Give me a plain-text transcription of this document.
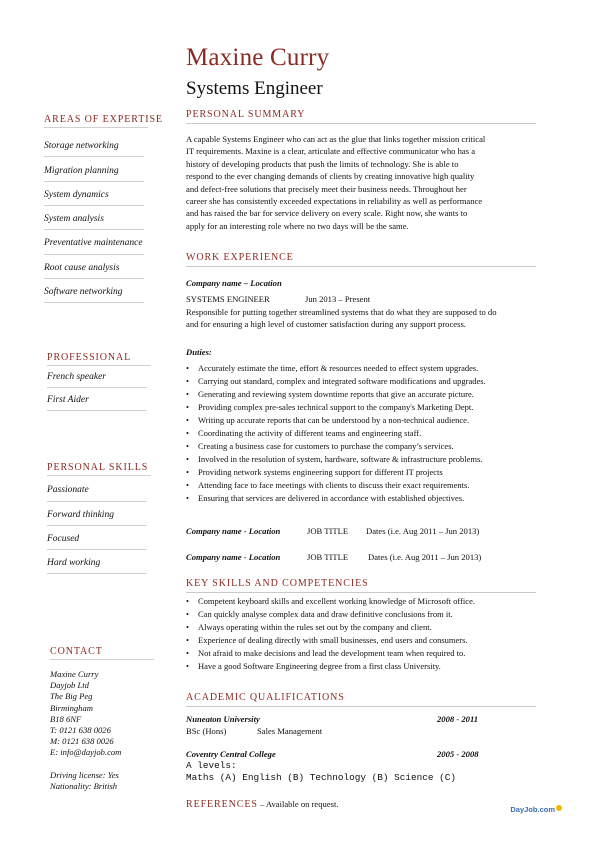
Maxine Curry
Systems Engineer
AREAS OF EXPERTISE
Storage networking
Migration planning
System dynamics
System analysis
Preventative maintenance
Root cause analysis
Software networking
PROFESSIONAL
French speaker
First Aider
PERSONAL SKILLS
Passionate
Forward thinking
Focused
Hard working
CONTACT
Maxine Curry
Dayjob Ltd
The Big Peg
Birmingham
B18 6NF
T: 0121 638 0026
M: 0121 638 0026
E: info@dayjob.com
Driving license: Yes
Nationality: British
PERSONAL SUMMARY
A capable Systems Engineer who can act as the glue that links together mission critical
IT requirements. Maxine is a clear, articulate and effective communicator who has a
history of developing products that push the limits of technology. She is able to
respond to the ever changing demands of clients by creating innovative high quality
and defect-free solutions that precisely meet their business needs. Throughout her
career she has consistently exceeded expectations in reliability as well as performance
and has raised the bar for service delivery on every scale. Right now, she wants to
apply for an interesting role where no two days will be the same.
WORK EXPERIENCE
Company name – Location
SYSTEMS ENGINEER	Jun 2013 – Present
Responsible for putting together streamlined systems that do what they are supposed to do
and for ensuring a high level of customer satisfaction during any support process.
Duties:
• Accurately estimate the time, effort & resources needed to effect system upgrades.
• Carrying out standard, complex and integrated software modifications and upgrades.
• Generating and reviewing system downtime reports that give an accurate picture.
• Providing complex pre-sales technical support to the company's Marketing Dept.
• Writing up accurate reports that can be understood by a non-technical audience.
• Coordinating the activity of different teams and engineering staff.
• Creating a business case for customers to purchase the company’s services.
• Involved in the resolution of system, hardware, software & infrastructure problems.
• Providing network systems engineering support for different IT projects
• Attending face to face meetings with clients to discuss their exact requirements.
• Ensuring that services are delivered in accordance with established objectives.
Company name - Location	JOB TITLE Dates (i.e. Aug 2011 – Jun 2013)
Company name - Location	JOB TITLE Dates (i.e. Aug 2011 – Jun 2013)
KEY SKILLS AND COMPETENCIES
• Competent keyboard skills and excellent working knowledge of Microsoft office.
• Can quickly analyse complex data and draw definitive conclusions from it.
• Always operating within the rules set out by the company and client.
• Experience of dealing directly with small businesses, end users and consumers.
• Not afraid to make decisions and lead the development team when required to.
• Have a good Software Engineering degree from a first class University.
ACADEMIC QUALIFICATIONS
Nuneaton University	2008 - 2011
BSc (Hons)	Sales Management
Coventry Central College	2005 - 2008
A levels:
Maths (A) English (B) Technology (B) Science (C)
REFERENCES – Available on request.
DayJob.com
